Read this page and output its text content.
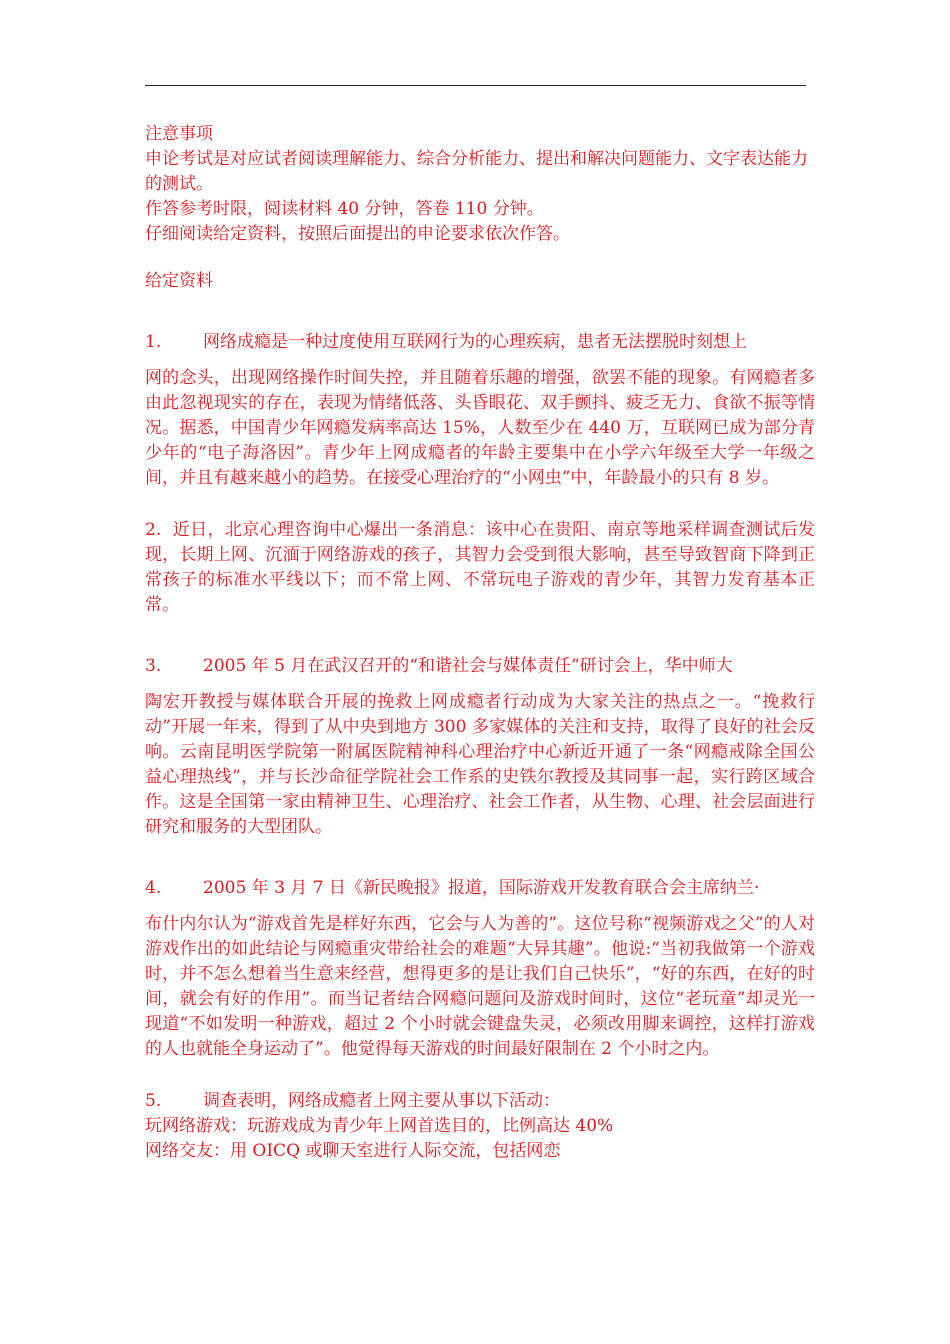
注意事项

申论考试是对应试者阅读理解能力、综合分析能力、提出和解决问题能力、文字表达能力的测试。

作答参考时限，阅读材料 40 分钟，答卷 110 分钟。

仔细阅读给定资料，按照后面提出的申论要求依次作答。

给定资料

1.	网络成瘾是一种过度使用互联网行为的心理疾病，患者无法摆脱时刻想上

网的念头，出现网络操作时间失控，并且随着乐趣的增强，欲罢不能的现象。有网瘾者多由此忽视现实的存在，表现为情绪低落、头昏眼花、双手颤抖、疲乏无力、食欲不振等情况。据悉，中国青少年网瘾发病率高达 15%，人数至少在 440 万，互联网已成为部分青少年的“电子海洛因”。青少年上网成瘾者的年龄主要集中在小学六年级至大学一年级之间，并且有越来越小的趋势。在接受心理治疗的“小网虫”中，年龄最小的只有 8 岁。

2. 近日，北京心理咨询中心爆出一条消息：该中心在贵阳、南京等地采样调查测试后发现，长期上网、沉湎于网络游戏的孩子，其智力会受到很大影响，甚至导致智商下降到正常孩子的标准水平线以下；而不常上网、不常玩电子游戏的青少年，其智力发育基本正常。

3.	2005 年 5 月在武汉召开的“和谐社会与媒体责任”研讨会上，华中师大

陶宏开教授与媒体联合开展的挽救上网成瘾者行动成为大家关注的热点之一。“挽救行动”开展一年来，得到了从中央到地方 300 多家媒体的关注和支持，取得了良好的社会反响。云南昆明医学院第一附属医院精神科心理治疗中心新近开通了一条“网瘾戒除全国公益心理热线”，并与长沙命征学院社会工作系的史铁尔教授及其同事一起，实行跨区域合作。这是全国第一家由精神卫生、心理治疗、社会工作者，从生物、心理、社会层面进行研究和服务的大型团队。

4.	2005 年 3 月 7 日《新民晚报》报道，国际游戏开发教育联合会主席纳兰·

布什内尔认为“游戏首先是样好东西，它会与人为善的”。这位号称“视频游戏之父”的人对游戏作出的如此结论与网瘾重灾带给社会的难题“大异其趣”。他说:“当初我做第一个游戏时，并不怎么想着当生意来经营，想得更多的是让我们自己快乐”，“好的东西，在好的时间，就会有好的作用”。而当记者结合网瘾问题问及游戏时间时，这位“老玩童”却灵光一现道“不如发明一种游戏，超过 2 个小时就会键盘失灵，必须改用脚来调控，这样打游戏的人也就能全身运动了”。他觉得每天游戏的时间最好限制在 2 个小时之内。

5.	调查表明，网络成瘾者上网主要从事以下活动：

玩网络游戏：玩游戏成为青少年上网首选目的，比例高达 40%

网络交友：用 OICQ 或聊天室进行人际交流，包括网恋
